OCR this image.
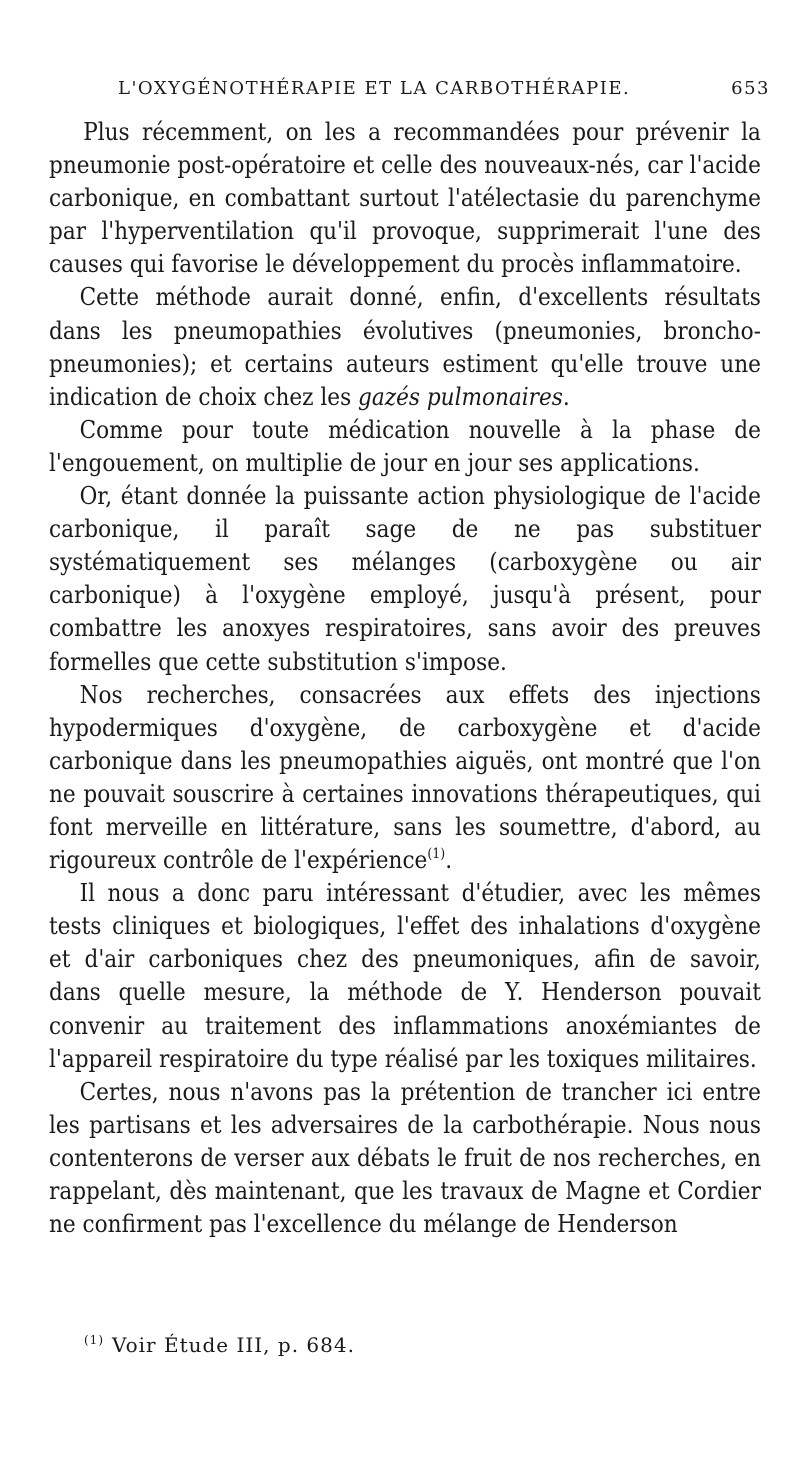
L'OXYGÉNOTHÉRAPIE ET LA CARBOTHÉRAPIE.	653

Plus récemment, on les a recommandées pour prévenir la pneumonie post-opératoire et celle des nouveaux-nés, car l'acide carbonique, en combattant surtout l'atélectasie du parenchyme par l'hyperventilation qu'il provoque, supprimerait l'une des causes qui favorise le développement du procès inflammatoire.

Cette méthode aurait donné, enfin, d'excellents résultats dans les pneumopathies évolutives (pneumonies, broncho-pneumonies); et certains auteurs estiment qu'elle trouve une indication de choix chez les gazés pulmonaires.

Comme pour toute médication nouvelle à la phase de l'engouement, on multiplie de jour en jour ses applications.

Or, étant donnée la puissante action physiologique de l'acide carbonique, il paraît sage de ne pas substituer systématiquement ses mélanges (carboxygène ou air carbonique) à l'oxygène employé, jusqu'à présent, pour combattre les anoxyes respiratoires, sans avoir des preuves formelles que cette substitution s'impose.

Nos recherches, consacrées aux effets des injections hypodermiques d'oxygène, de carboxygène et d'acide carbonique dans les pneumopathies aiguës, ont montré que l'on ne pouvait souscrire à certaines innovations thérapeutiques, qui font merveille en littérature, sans les soumettre, d'abord, au rigoureux contrôle de l'expérience$^{(1)}$.

Il nous a donc paru intéressant d'étudier, avec les mêmes tests cliniques et biologiques, l'effet des inhalations d'oxygène et d'air carboniques chez des pneumoniques, afin de savoir, dans quelle mesure, la méthode de Y. Henderson pouvait convenir au traitement des inflammations anoxémiantes de l'appareil respiratoire du type réalisé par les toxiques militaires.

Certes, nous n'avons pas la prétention de trancher ici entre les partisans et les adversaires de la carbothérapie. Nous nous contenterons de verser aux débats le fruit de nos recherches, en rappelant, dès maintenant, que les travaux de Magne et Cordier ne confirment pas l'excellence du mélange de Henderson

$^{(1)}$ Voir Étude III, p. 684.
